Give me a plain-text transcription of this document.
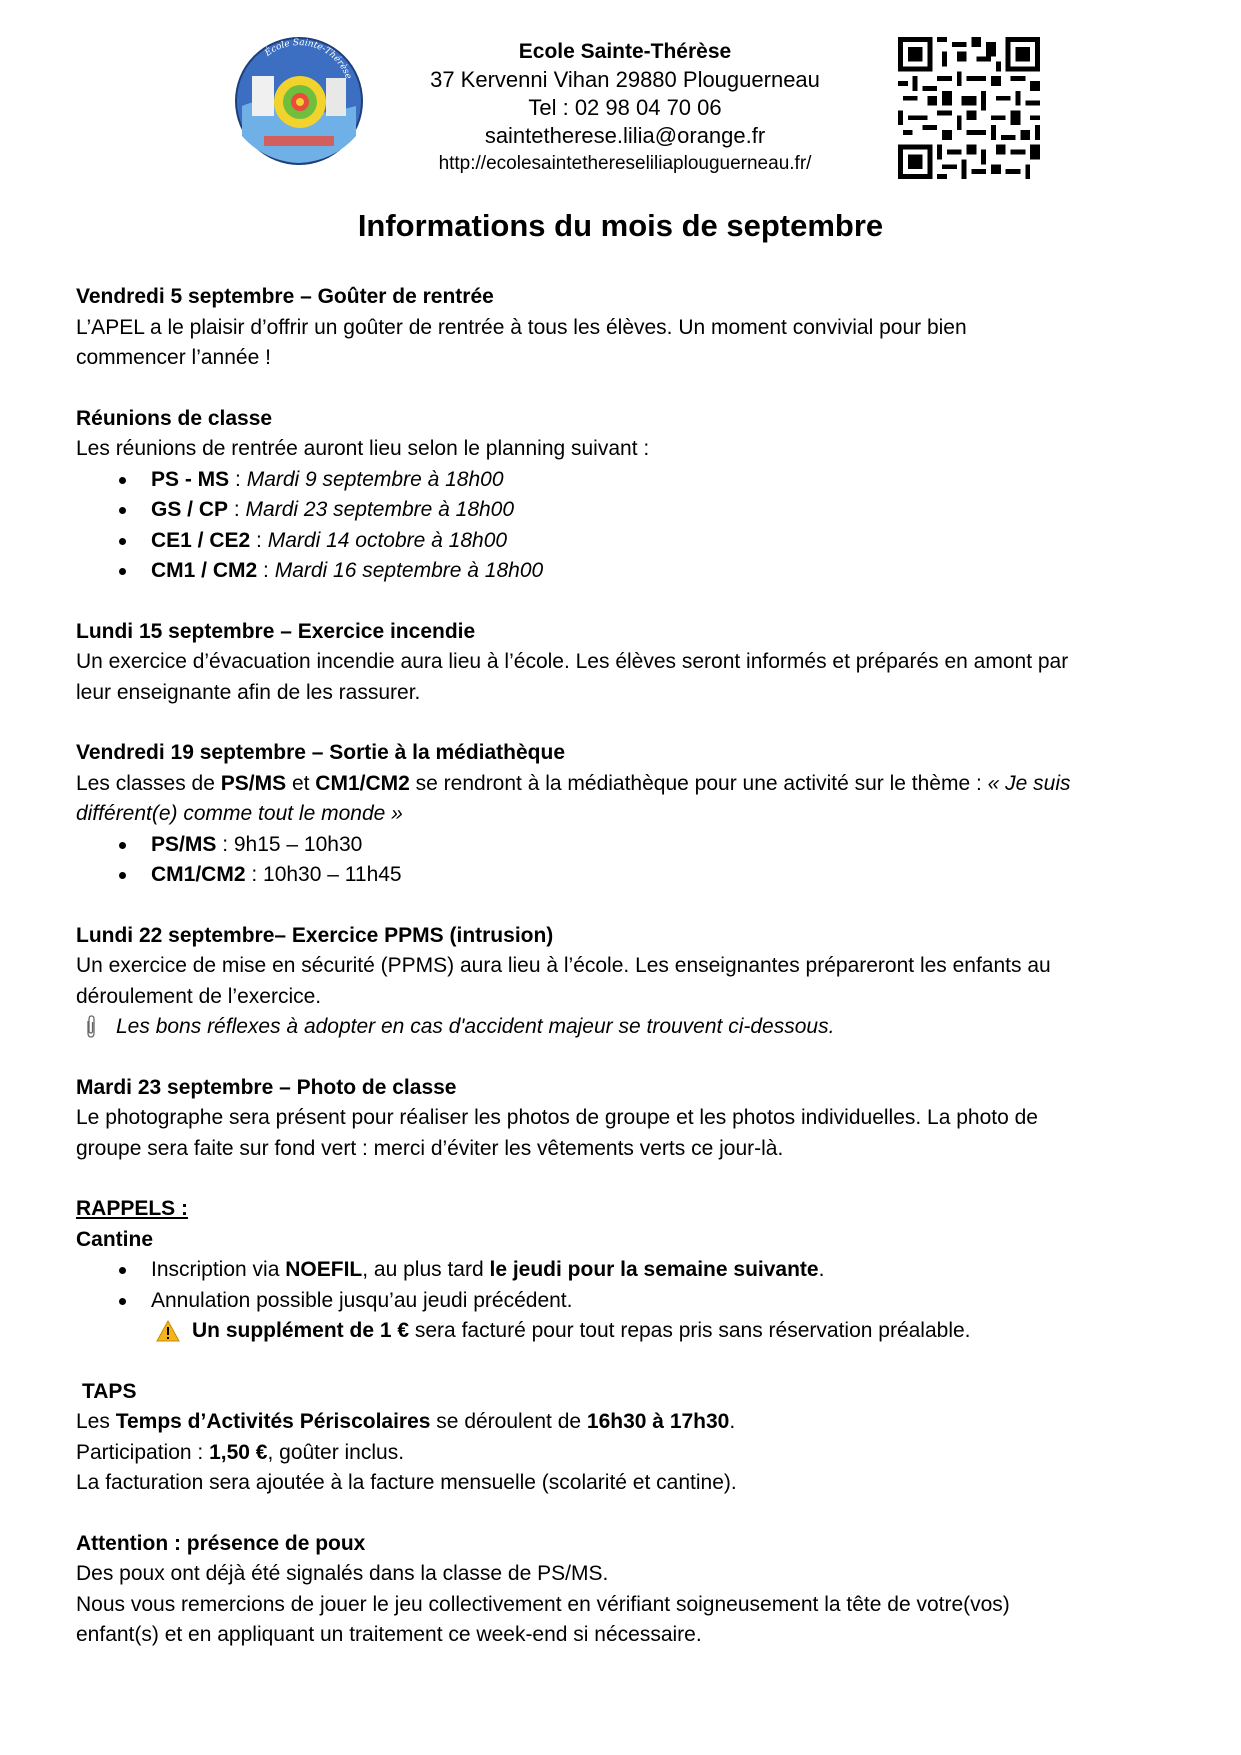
École Sainte-Thérèse
Ecole Sainte-Thérèse
37 Kervenni Vihan 29880 Plouguerneau
Tel : 02 98 04 70 06
saintetherese.lilia@orange.fr
http://ecolesaintethereseliliaplouguerneau.fr/
Informations du mois de septembre

Vendredi 5 septembre – Goûter de rentrée

L’APEL a le plaisir d’offrir un goûter de rentrée à tous les élèves. Un moment convivial pour bien

commencer l’année !

Réunions de classe

Les réunions de rentrée auront lieu selon le planning suivant :

PS - MS : Mardi 9 septembre à 18h00
GS / CP : Mardi 23 septembre à 18h00
CE1 / CE2 : Mardi 14 octobre à 18h00
CM1 / CM2 : Mardi 16 septembre à 18h00

Lundi 15 septembre – Exercice incendie

Un exercice d’évacuation incendie aura lieu à l’école. Les élèves seront informés et préparés en amont par

leur enseignante afin de les rassurer.

Vendredi 19 septembre – Sortie à la médiathèque

Les classes de PS/MS et CM1/CM2 se rendront à la médiathèque pour une activité sur le thème : « Je suis

différent(e) comme tout le monde »

PS/MS : 9h15 – 10h30
CM1/CM2 : 10h30 – 11h45

Lundi 22 septembre– Exercice PPMS (intrusion)

Un exercice de mise en sécurité (PPMS) aura lieu à l’école. Les enseignantes prépareront les enfants au

déroulement de l’exercice.

Les bons réflexes à adopter en cas d'accident majeur se trouvent ci-dessous.

Mardi 23 septembre – Photo de classe

Le photographe sera présent pour réaliser les photos de groupe et les photos individuelles. La photo de

groupe sera faite sur fond vert : merci d’éviter les vêtements verts ce jour-là.

RAPPELS :

Cantine

Inscription via NOEFIL, au plus tard le jeudi pour la semaine suivante.
Annulation possible jusqu’au jeudi précédent.

Un supplément de 1 € sera facturé pour tout repas pris sans réservation préalable.

TAPS

Les Temps d’Activités Périscolaires se déroulent de 16h30 à 17h30.

Participation : 1,50 €, goûter inclus.

La facturation sera ajoutée à la facture mensuelle (scolarité et cantine).

Attention : présence de poux

Des poux ont déjà été signalés dans la classe de PS/MS.

Nous vous remercions de jouer le jeu collectivement en vérifiant soigneusement la tête de votre(vos)

enfant(s) et en appliquant un traitement ce week-end si nécessaire.
